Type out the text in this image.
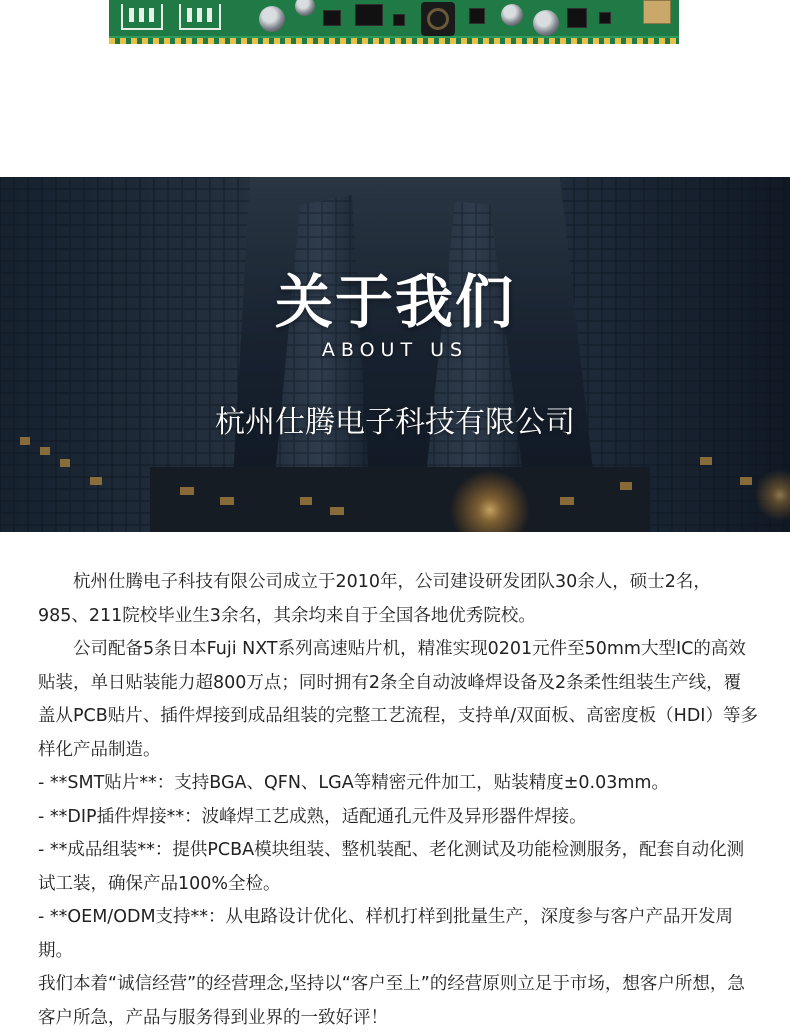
关于我们
ABOUT US
杭州仕腾电子科技有限公司

杭州仕腾电子科技有限公司成立于2010年，公司建设研发团队30余人，硕士2名，985、211院校毕业生3余名，其余均来自于全国各地优秀院校。

公司配备5条日本Fuji NXT系列高速贴片机，精准实现0201元件至50mm大型IC的高效贴装，单日贴装能力超800万点；同时拥有2条全自动波峰焊设备及2条柔性组装生产线，覆盖从PCB贴片、插件焊接到成品组装的完整工艺流程，支持单/双面板、高密度板（HDI）等多样化产品制造。

- **SMT贴片**：支持BGA、QFN、LGA等精密元件加工，贴装精度±0.03mm。

- **DIP插件焊接**：波峰焊工艺成熟，适配通孔元件及异形器件焊接。

- **成品组装**：提供PCBA模块组装、整机装配、老化测试及功能检测服务，配套自动化测试工装，确保产品100%全检。

- **OEM/ODM支持**：从电路设计优化、样机打样到批量生产，深度参与客户产品开发周期。

我们本着“诚信经营”的经营理念,坚持以“客户至上”的经营原则立足于市场，想客户所想，急客户所急，产品与服务得到业界的一致好评！
